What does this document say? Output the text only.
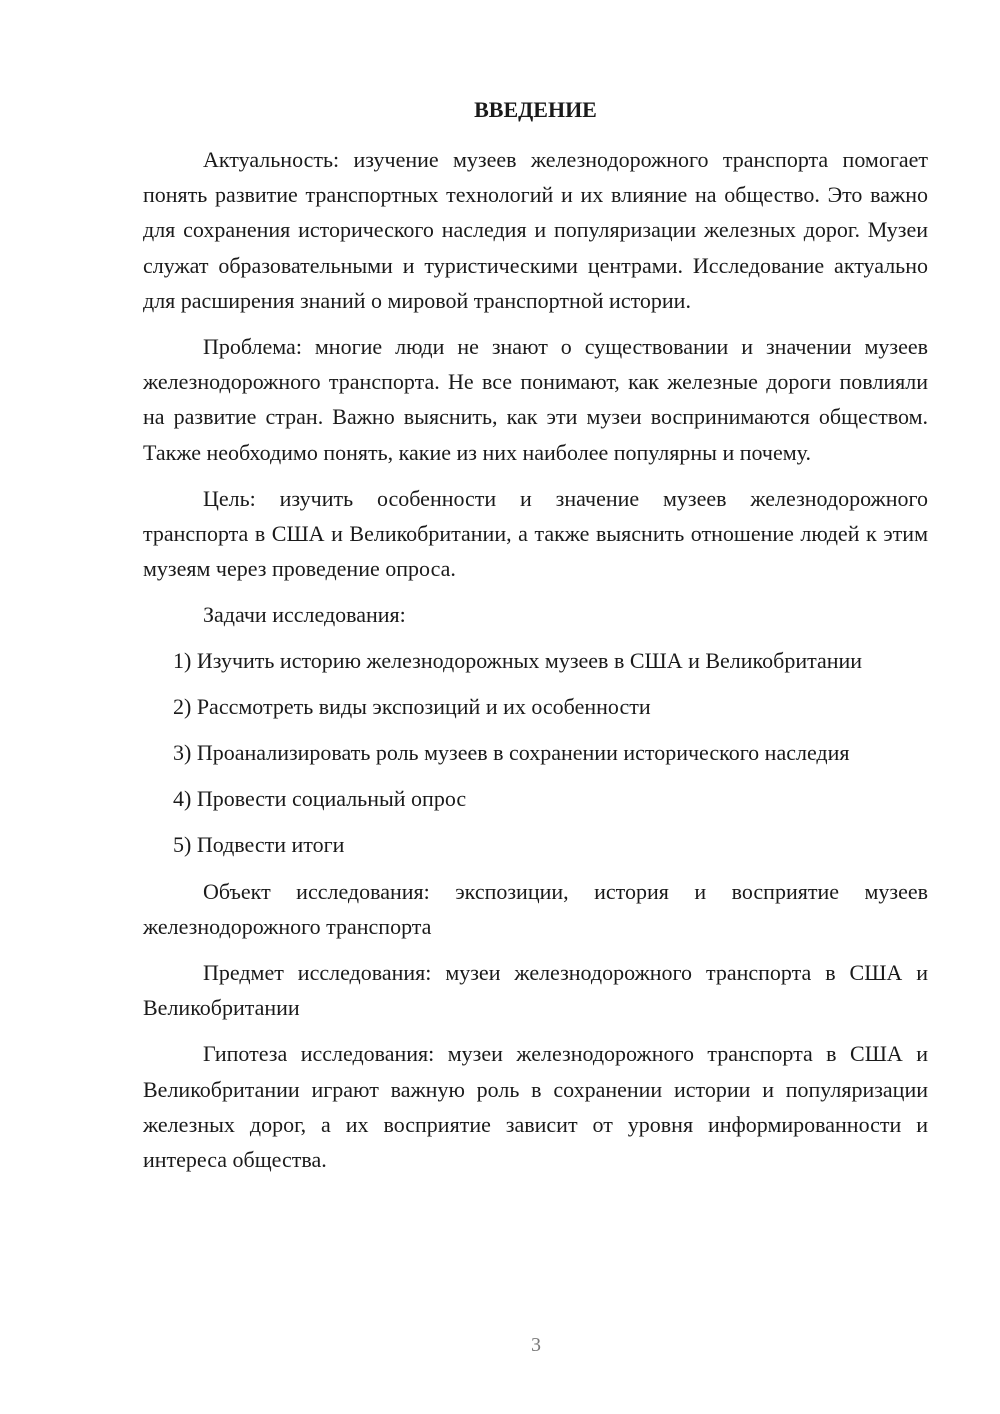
ВВЕДЕНИЕ

Актуальность: изучение музеев железнодорожного транспорта помогает понять развитие транспортных технологий и их влияние на общество. Это важно для сохранения исторического наследия и популяризации железных дорог. Музеи служат образовательными и туристическими центрами. Исследование актуально для расширения знаний о мировой транспортной истории.

Проблема: многие люди не знают о существовании и значении музеев железнодорожного транспорта. Не все понимают, как железные дороги повлияли на развитие стран. Важно выяснить, как эти музеи воспринимаются обществом. Также необходимо понять, какие из них наиболее популярны и почему.

Цель: изучить особенности и значение музеев железнодорожного транспорта в США и Великобритании, а также выяснить отношение людей к этим музеям через проведение опроса.

Задачи исследования:

1) Изучить историю железнодорожных музеев в США и Великобритании

2) Рассмотреть виды экспозиций и их особенности

3) Проанализировать роль музеев в сохранении исторического наследия

4) Провести социальный опрос

5) Подвести итоги

Объект исследования: экспозиции, история и восприятие музеев железнодорожного транспорта

Предмет исследования: музеи железнодорожного транспорта в США и Великобритании

Гипотеза исследования: музеи железнодорожного транспорта в США и Великобритании играют важную роль в сохранении истории и популяризации железных дорог, а их восприятие зависит от уровня информированности и интереса общества.

3
